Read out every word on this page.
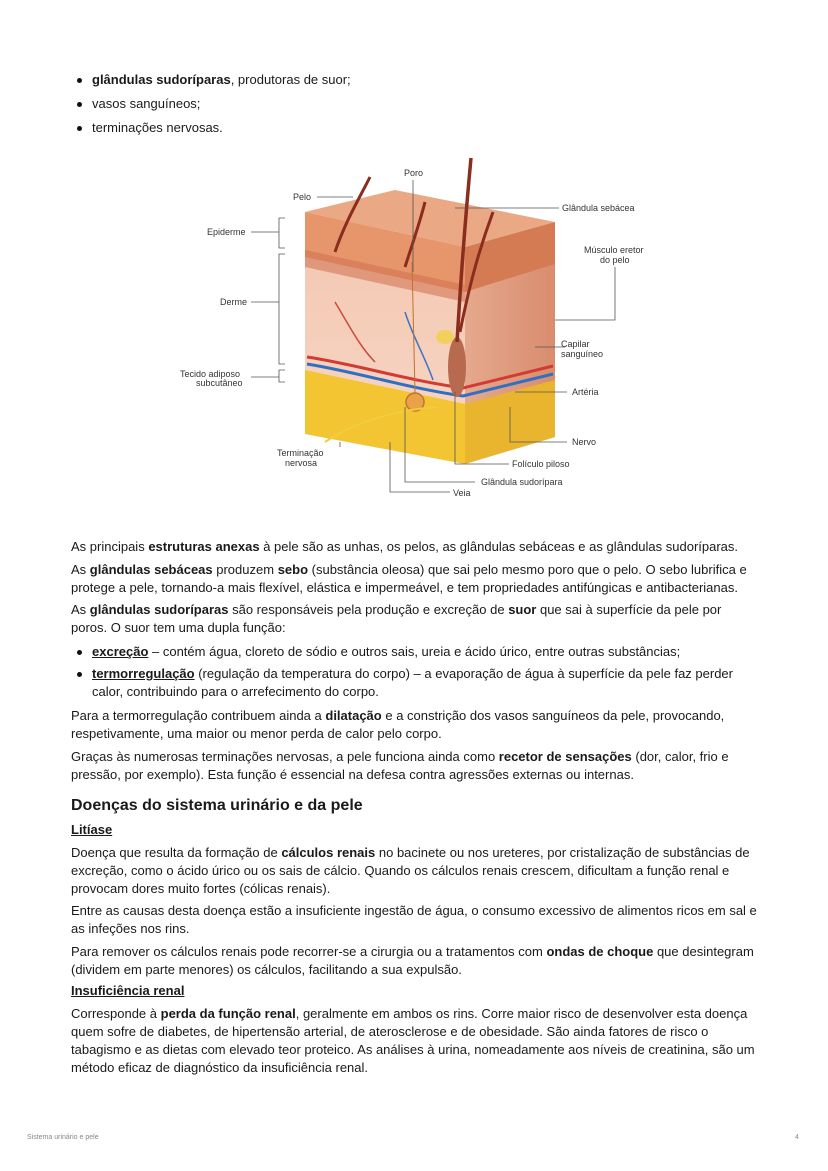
glândulas sudoríparas, produtoras de suor;
vasos sanguíneos;
terminações nervosas.
Poro
Pelo
Glândula sebácea
Epiderme
Músculo eretor
do pelo
Derme
Capilar
sanguíneo
Tecido adiposo
subcutâneo
Artéria
Nervo
Terminação
nervosa	Folículo piloso
Glândula sudorípara
Veia

As principais estruturas anexas à pele são as unhas, os pelos, as glândulas sebáceas e as glândulas sudoríparas.

As glândulas sebáceas produzem sebo (substância oleosa) que sai pelo mesmo poro que o pelo. O sebo lubrifica e protege a pele, tornando-a mais flexível, elástica e impermeável, e tem propriedades antifúngicas e antibacterianas.

As glândulas sudoríparas são responsáveis pela produção e excreção de suor que sai à superfície da pele por poros. O suor tem uma dupla função:

excreção – contém água, cloreto de sódio e outros sais, ureia e ácido úrico, entre outras substâncias;
termorregulação (regulação da temperatura do corpo) – a evaporação de água à superfície da pele faz perder calor, contribuindo para o arrefecimento do corpo.

Para a termorregulação contribuem ainda a dilatação e a constrição dos vasos sanguíneos da pele, provocando, respetivamente, uma maior ou menor perda de calor pelo corpo.

Graças às numerosas terminações nervosas, a pele funciona ainda como recetor de sensações (dor, calor, frio e pressão, por exemplo). Esta função é essencial na defesa contra agressões externas ou internas.

Doenças do sistema urinário e da pele
Litíase

Doença que resulta da formação de cálculos renais no bacinete ou nos ureteres, por cristalização de substâncias de excreção, como o ácido úrico ou os sais de cálcio. Quando os cálculos renais crescem, dificultam a função renal e provocam dores muito fortes (cólicas renais).

Entre as causas desta doença estão a insuficiente ingestão de água, o consumo excessivo de alimentos ricos em sal e as infeções nos rins.

Para remover os cálculos renais pode recorrer-se a cirurgia ou a tratamentos com ondas de choque que desintegram (dividem em parte menores) os cálculos, facilitando a sua expulsão.

Insuficiência renal

Corresponde à perda da função renal, geralmente em ambos os rins. Corre maior risco de desenvolver esta doença quem sofre de diabetes, de hipertensão arterial, de aterosclerose e de obesidade. São ainda fatores de risco o tabagismo e as dietas com elevado teor proteico. As análises à urina, nomeadamente aos níveis de creatinina, são um método eficaz de diagnóstico da insuficiência renal.

Sistema urinário e pele	4
